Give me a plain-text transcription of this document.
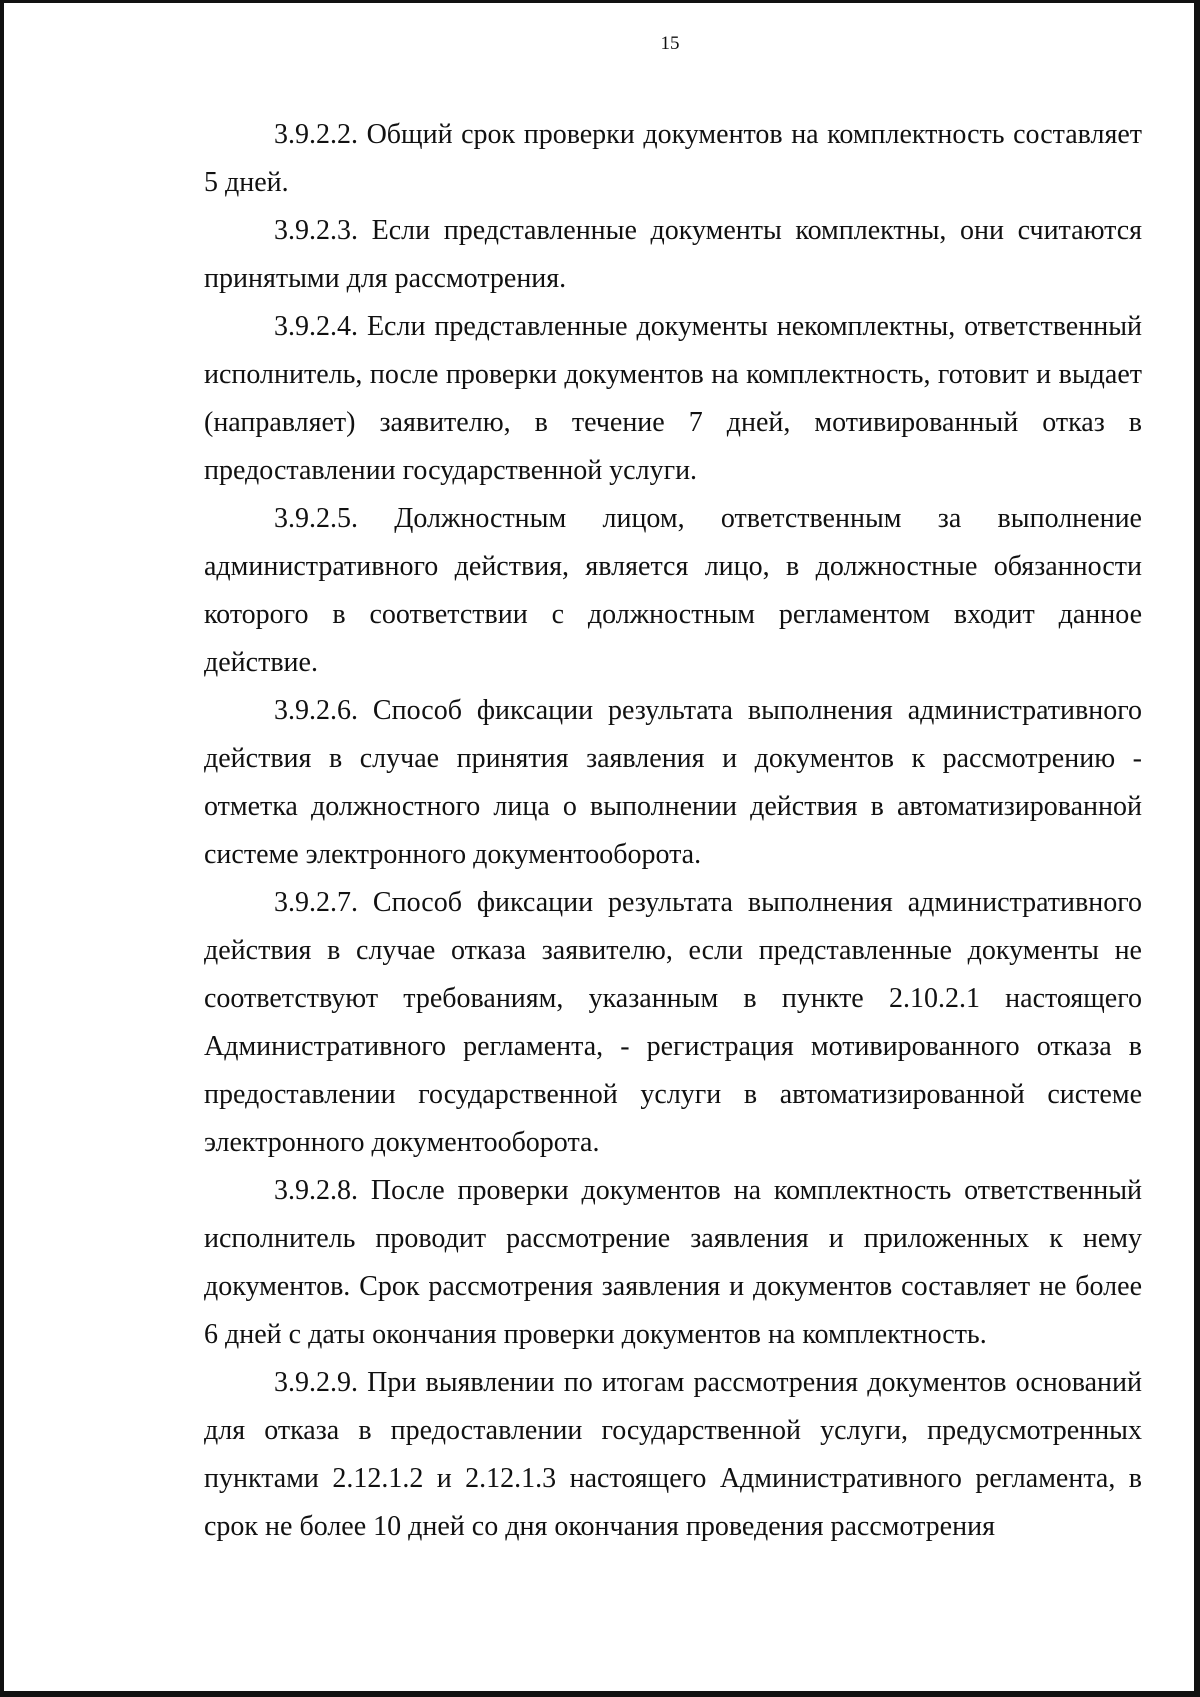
15

3.9.2.2. Общий срок проверки документов на комплектность составляет 5 дней.

3.9.2.3. Если представленные документы комплектны, они считаются принятыми для рассмотрения.

3.9.2.4. Если представленные документы некомплектны, ответственный исполнитель, после проверки документов на комплектность, готовит и выдает (направляет) заявителю, в течение 7 дней, мотивированный отказ в предоставлении государственной услуги.

3.9.2.5. Должностным лицом, ответственным за выполнение административного действия, является лицо, в должностные обязанности которого в соответствии с должностным регламентом входит данное действие.

3.9.2.6. Способ фиксации результата выполнения административного действия в случае принятия заявления и документов к рассмотрению - отметка должностного лица о выполнении действия в автоматизированной системе электронного документооборота.

3.9.2.7. Способ фиксации результата выполнения административного действия в случае отказа заявителю, если представленные документы не соответствуют требованиям, указанным в пункте 2.10.2.1 настоящего Административного регламента, - регистрация мотивированного отказа в предоставлении государственной услуги в автоматизированной системе электронного документооборота.

3.9.2.8. После проверки документов на комплектность ответственный исполнитель проводит рассмотрение заявления и приложенных к нему документов. Срок рассмотрения заявления и документов составляет не более 6 дней с даты окончания проверки документов на комплектность.

3.9.2.9. При выявлении по итогам рассмотрения документов оснований для отказа в предоставлении государственной услуги, предусмотренных пунктами 2.12.1.2 и 2.12.1.3 настоящего Административного регламента, в срок не более 10 дней со дня окончания проведения рассмотрения
